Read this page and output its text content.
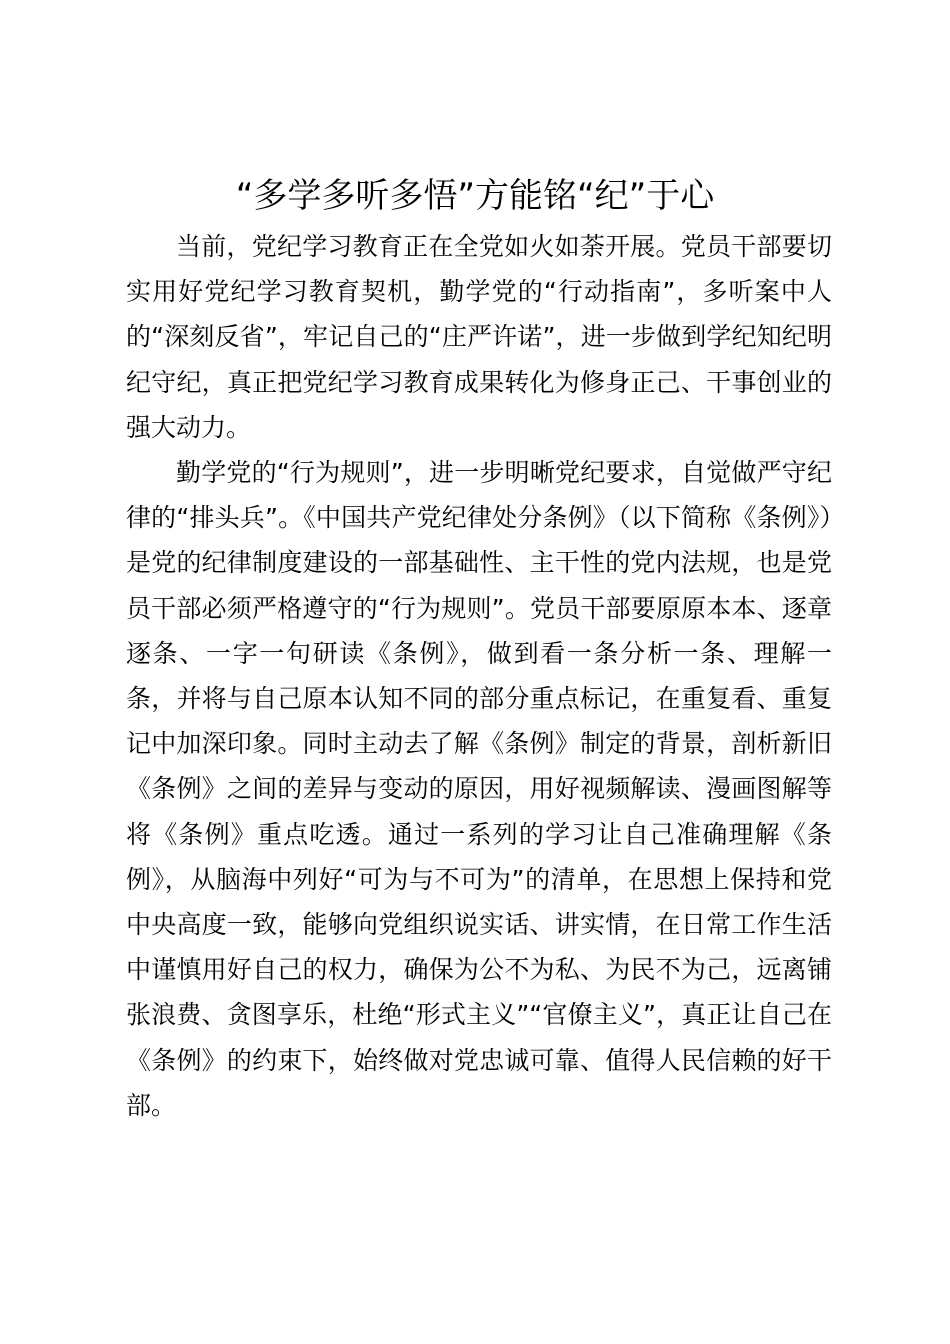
“多学多听多悟”方能铭“纪”于心

当前，党纪学习教育正在全党如火如荼开展。党员干部要切实用好党纪学习教育契机，勤学党的“行动指南”，多听案中人的“深刻反省”，牢记自己的“庄严许诺”，进一步做到学纪知纪明纪守纪，真正把党纪学习教育成果转化为修身正己、干事创业的强大动力。

勤学党的“行为规则”，进一步明晰党纪要求，自觉做严守纪律的“排头兵”。《中国共产党纪律处分条例》（以下简称《条例》）是党的纪律制度建设的一部基础性、主干性的党内法规，也是党员干部必须严格遵守的“行为规则”。党员干部要原原本本、逐章逐条、一字一句研读《条例》，做到看一条分析一条、理解一条，并将与自己原本认知不同的部分重点标记，在重复看、重复记中加深印象。同时主动去了解《条例》制定的背景，剖析新旧《条例》之间的差异与变动的原因，用好视频解读、漫画图解等将《条例》重点吃透。通过一系列的学习让自己准确理解《条例》，从脑海中列好“可为与不可为”的清单，在思想上保持和党中央高度一致，能够向党组织说实话、讲实情，在日常工作生活中谨慎用好自己的权力，确保为公不为私、为民不为己，远离铺张浪费、贪图享乐，杜绝“形式主义”“官僚主义”，真正让自己在《条例》的约束下，始终做对党忠诚可靠、值得人民信赖的好干部。
